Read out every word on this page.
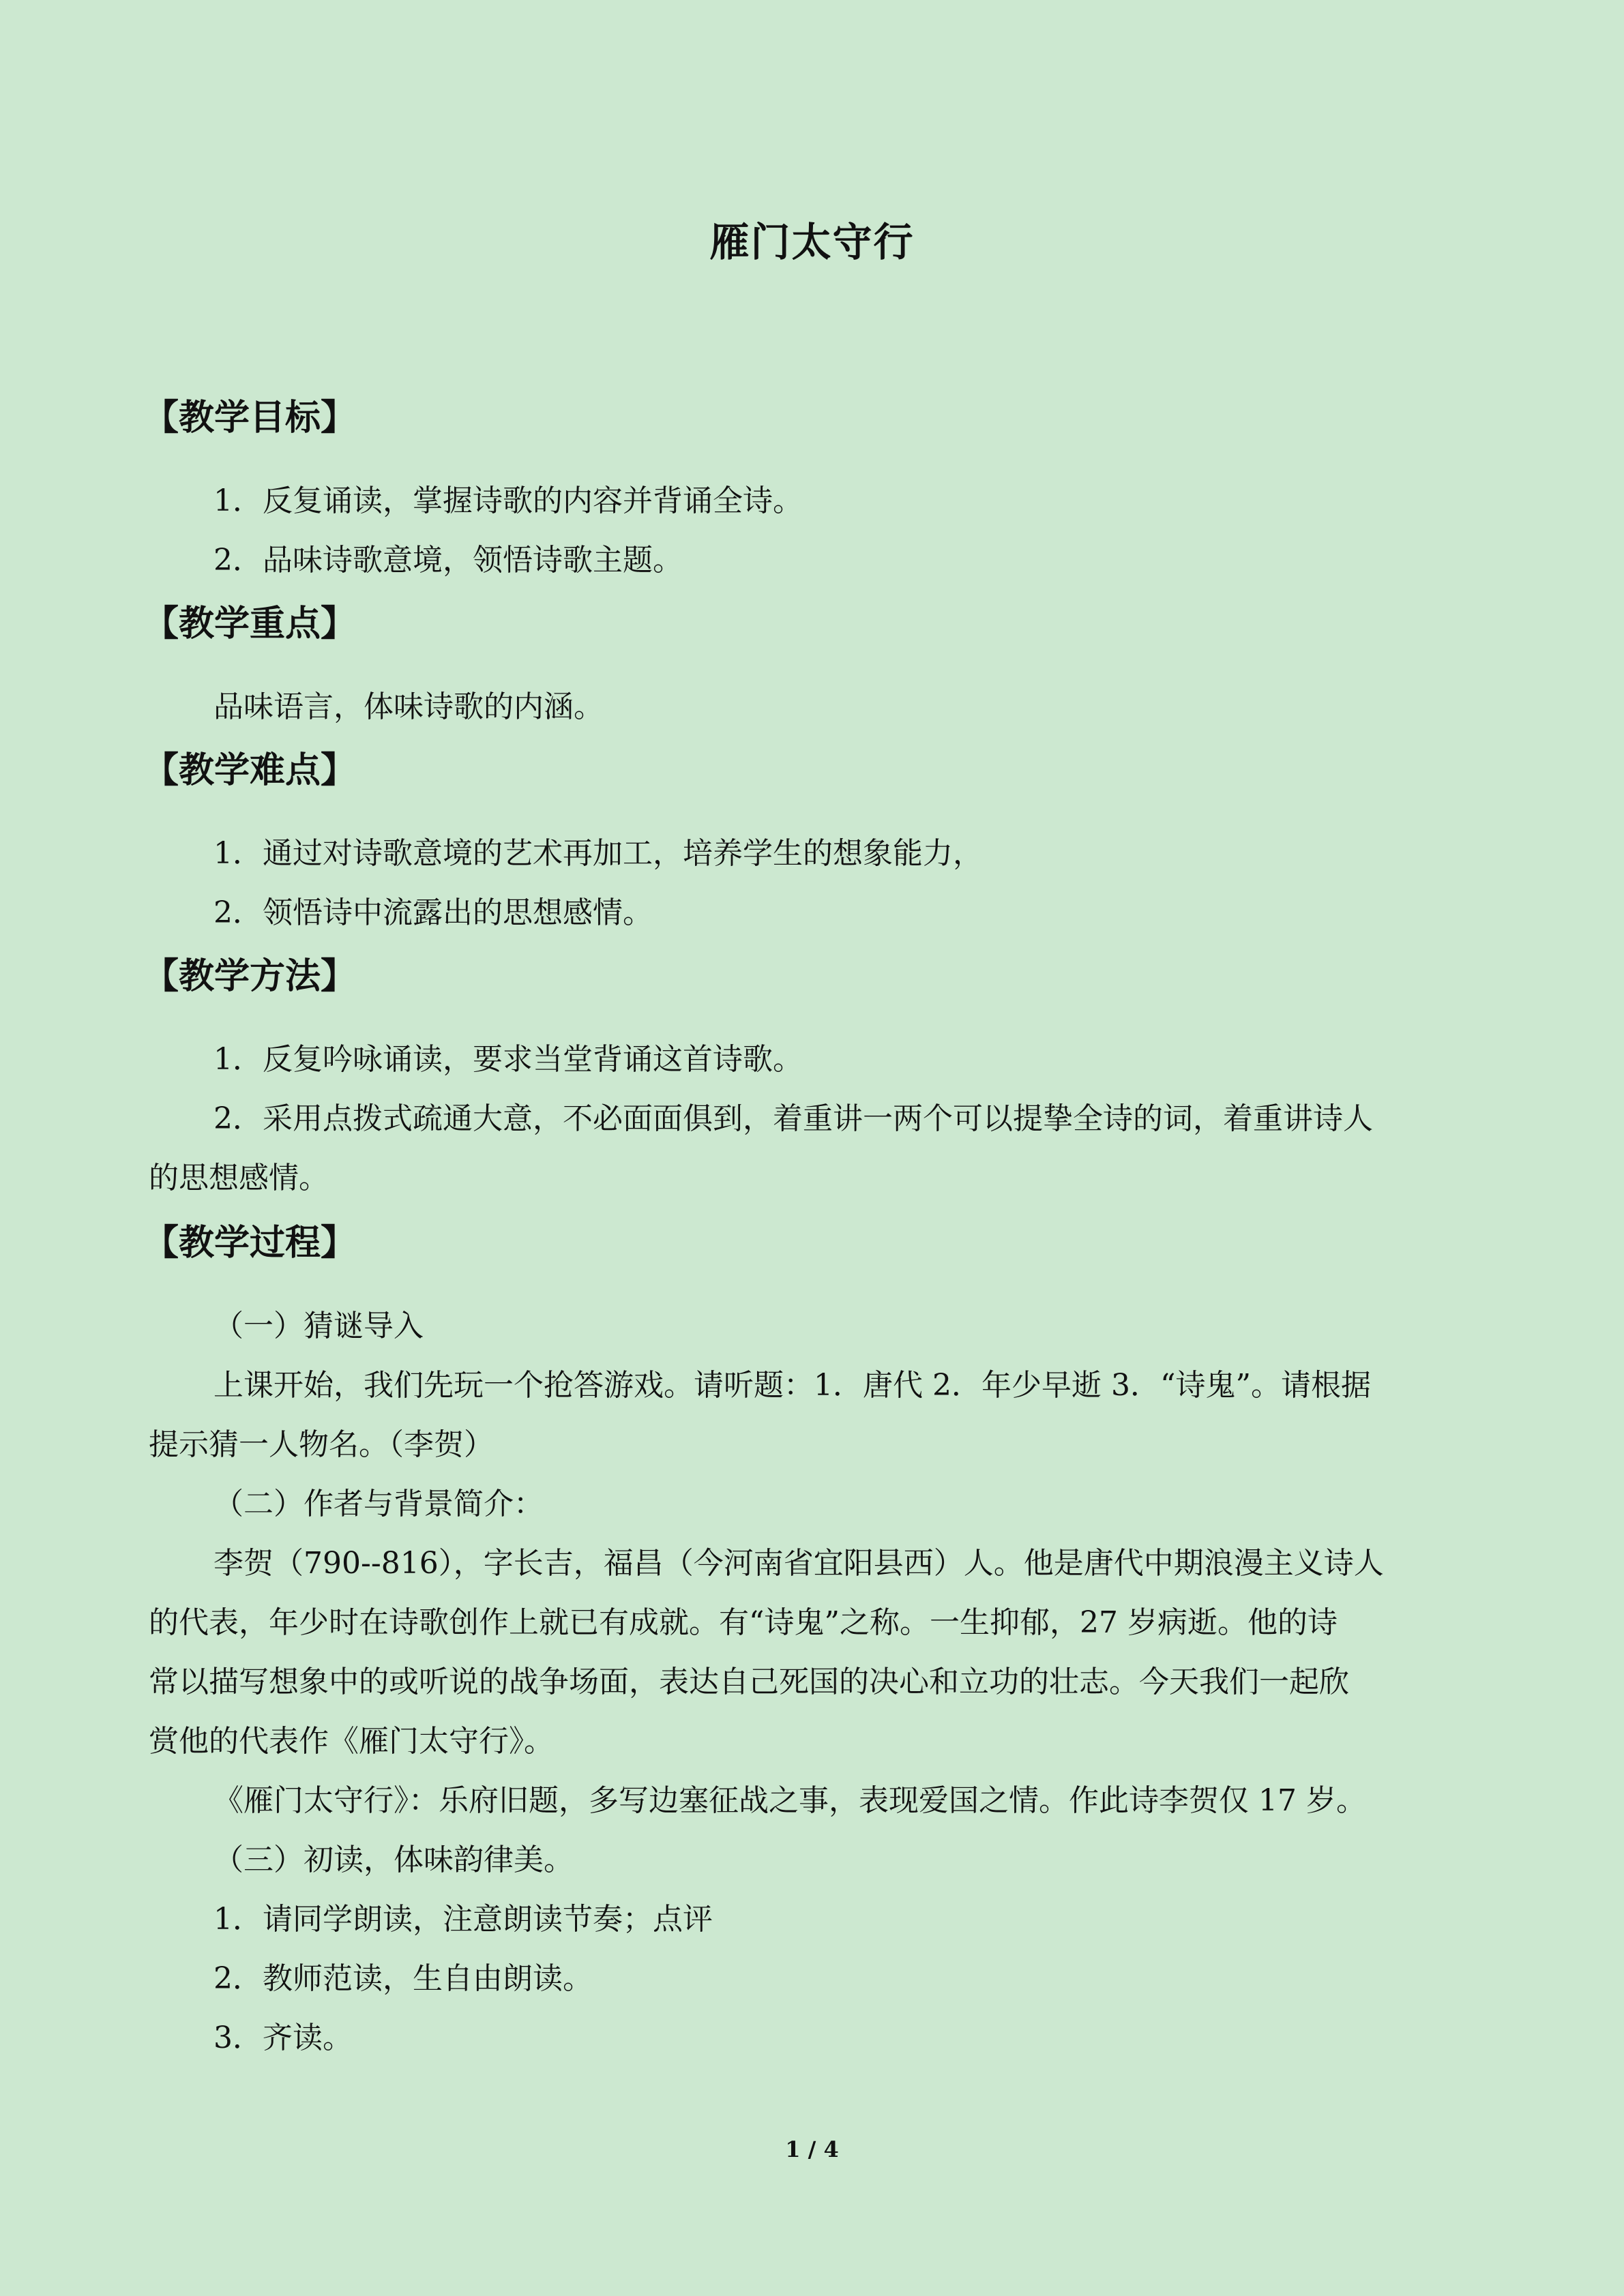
雁门太守行
【教学目标】
1．反复诵读，掌握诗歌的内容并背诵全诗。
2．品味诗歌意境，领悟诗歌主题。
【教学重点】
品味语言，体味诗歌的内涵。
【教学难点】
1．通过对诗歌意境的艺术再加工，培养学生的想象能力，
2．领悟诗中流露出的思想感情。
【教学方法】
1．反复吟咏诵读，要求当堂背诵这首诗歌。
2．采用点拨式疏通大意，不必面面俱到，着重讲一两个可以提挚全诗的词，着重讲诗人
的思想感情。
【教学过程】
（一）猜谜导入
上课开始，我们先玩一个抢答游戏。请听题：1．唐代 2．年少早逝 3．“诗鬼”。请根据
提示猜一人物名。（李贺）
（二）作者与背景简介：
李贺（790--816），字长吉，福昌（今河南省宜阳县西）人。他是唐代中期浪漫主义诗人
的代表，年少时在诗歌创作上就已有成就。有“诗鬼”之称。一生抑郁，27 岁病逝。他的诗
常以描写想象中的或听说的战争场面，表达自己死国的决心和立功的壮志。今天我们一起欣
赏他的代表作《雁门太守行》。
《雁门太守行》：乐府旧题，多写边塞征战之事，表现爱国之情。作此诗李贺仅 17 岁。
（三）初读，体味韵律美。
1．请同学朗读，注意朗读节奏；点评
2．教师范读，生自由朗读。
3．齐读。
1 / 4
